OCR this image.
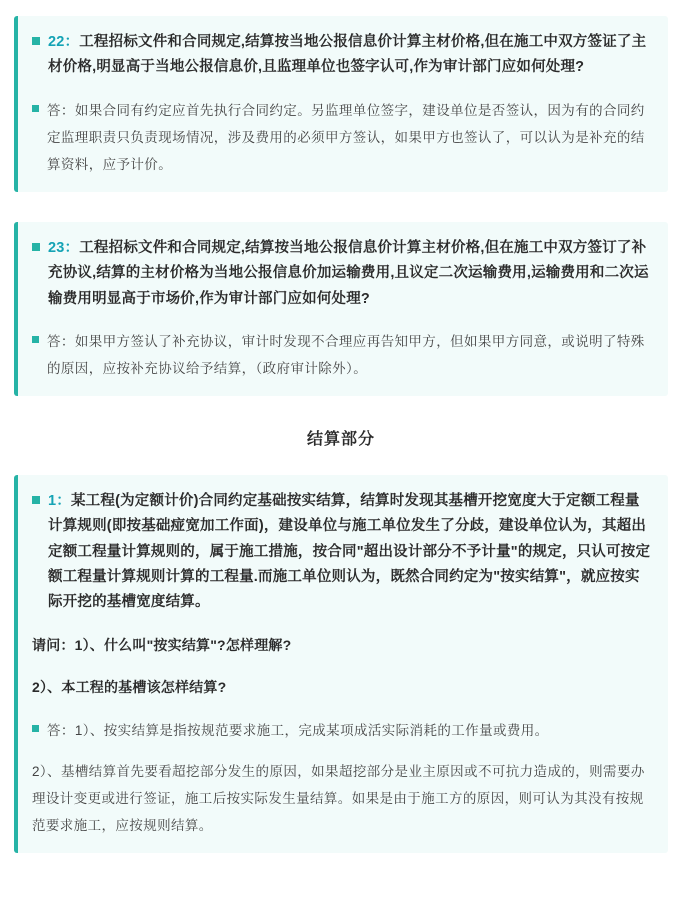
22：工程招标文件和合同规定,结算按当地公报信息价计算主材价格,但在施工中双方签证了主材价格,明显高于当地公报信息价,且监理单位也签字认可,作为审计部门应如何处理?
答：如果合同有约定应首先执行合同约定。另监理单位签字，建设单位是否签认，因为有的合同约定监理职责只负责现场情况，涉及费用的必须甲方签认，如果甲方也签认了，可以认为是补充的结算资料，应予计价。
23：工程招标文件和合同规定,结算按当地公报信息价计算主材价格,但在施工中双方签订了补充协议,结算的主材价格为当地公报信息价加运输费用,且议定二次运输费用,运输费用和二次运输费用明显高于市场价,作为审计部门应如何处理?
答：如果甲方签认了补充协议，审计时发现不合理应再告知甲方，但如果甲方同意，或说明了特殊的原因，应按补充协议给予结算，（政府审计除外）。
结算部分
1：某工程(为定额计价)合同约定基础按实结算，结算时发现其基槽开挖宽度大于定额工程量计算规则(即按基础痖宽加工作面)，建设单位与施工单位发生了分歧，建设单位认为，其超出定额工程量计算规则的，属于施工措施，按合同"超出设计部分不予计量"的规定，只认可按定额工程量计算规则计算的工程量.而施工单位则认为，既然合同约定为"按实结算"，就应按实际开挖的基槽宽度结算。
请问：1）、什么叫"按实结算"?怎样理解?
2）、本工程的基槽该怎样结算?
答：1）、按实结算是指按规范要求施工，完成某项成活实际消耗的工作量或费用。
2）、基槽结算首先要看超挖部分发生的原因，如果超挖部分是业主原因或不可抗力造成的，则需要办理设计变更或进行签证，施工后按实际发生量结算。如果是由于施工方的原因，则可认为其没有按规范要求施工，应按规则结算。
